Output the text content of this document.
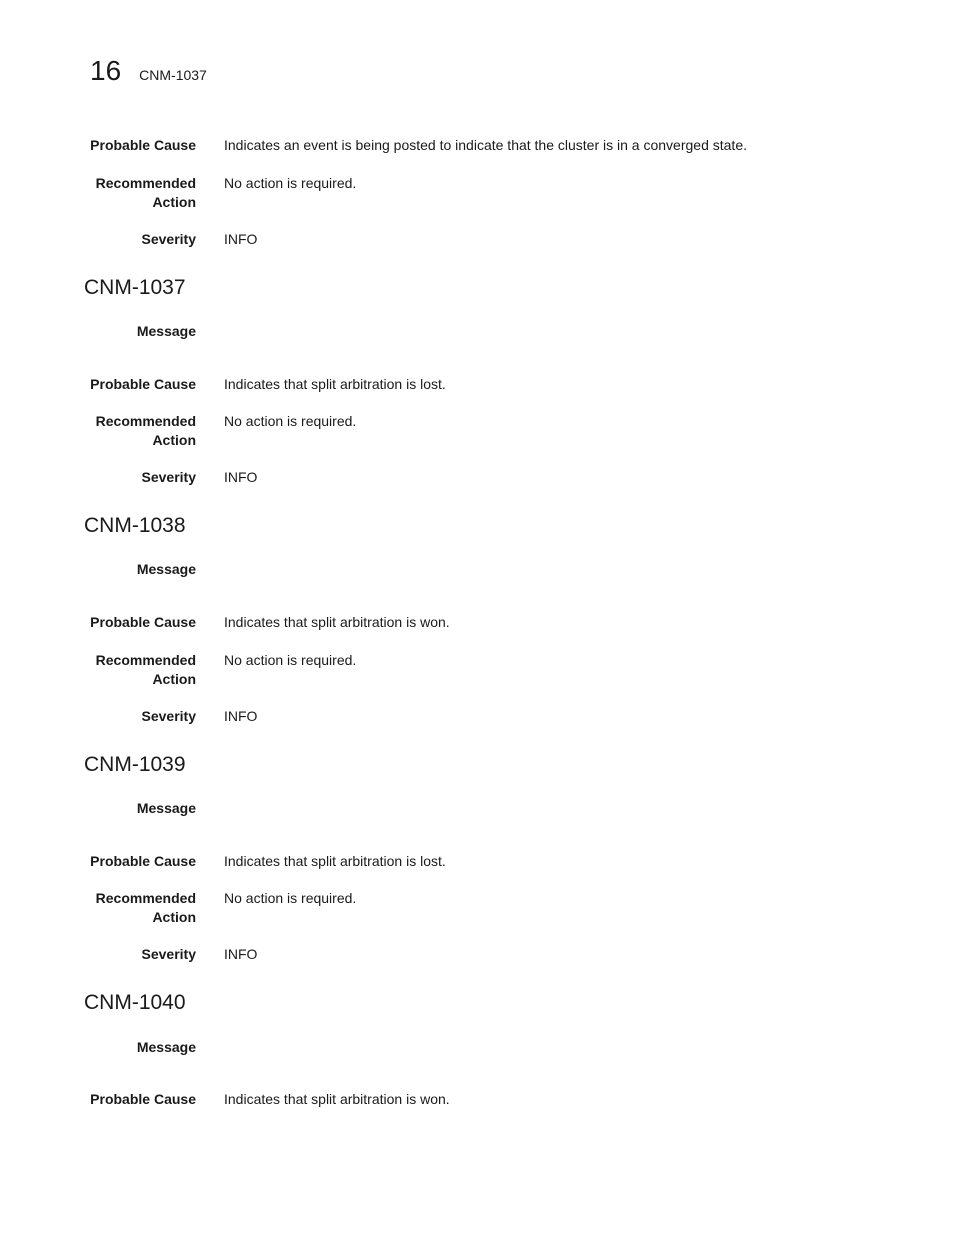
16 CNM-1037
Probable Cause Indicates an event is being posted to indicate that the cluster is in a converged state.
Recommended
Action
No action is required.
Severity INFO
CNM-1037
Message
Probable Cause Indicates that split arbitration is lost.
Recommended
Action
No action is required.
Severity INFO
CNM-1038
Message
Probable Cause Indicates that split arbitration is won.
Recommended
Action
No action is required.
Severity INFO
CNM-1039
Message
Probable Cause Indicates that split arbitration is lost.
Recommended
Action
No action is required.
Severity INFO
CNM-1040
Message
Probable Cause Indicates that split arbitration is won.
